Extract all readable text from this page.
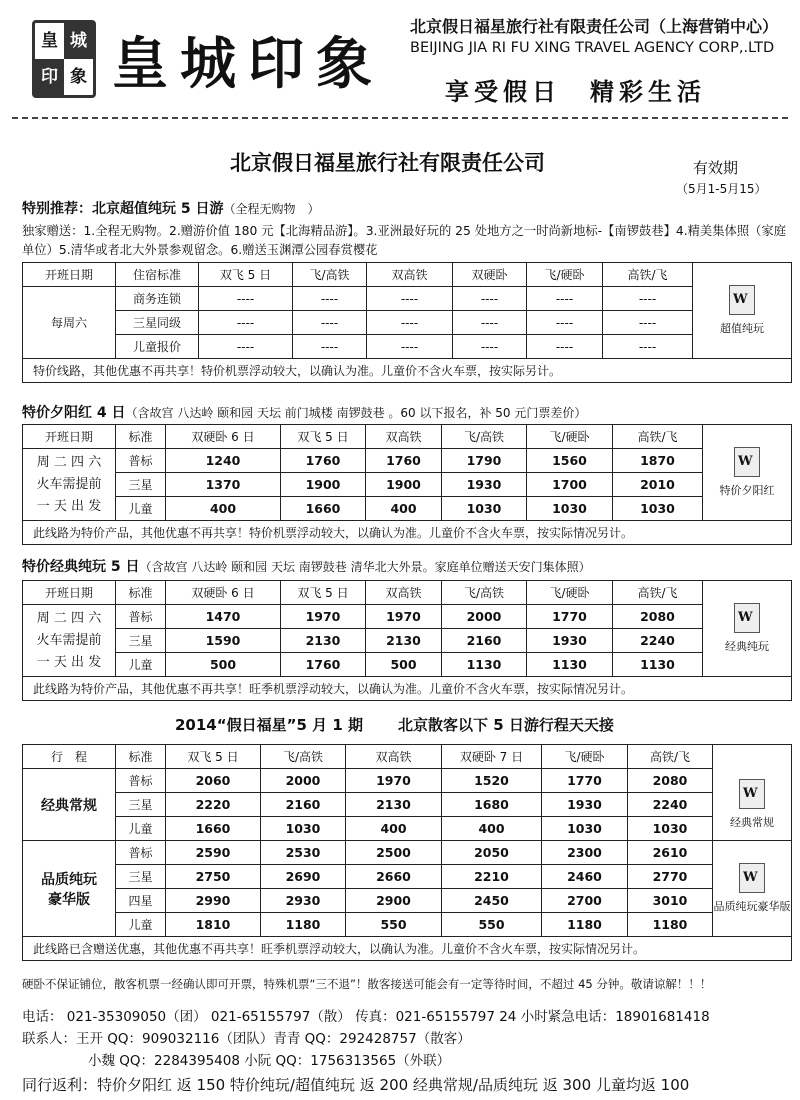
皇 城
印 象 皇城印象
北京假日福星旅行社有限责任公司（上海营销中心）
BEIJING JIA RI FU XING TRAVEL AGENCY CORP,.LTD
享受假日　精彩生活
北京假日福星旅行社有限责任公司	有效期
（5月1-5月15）
特别推荐：北京超值纯玩 5 日游（全程无购物　）
独家赠送：1.全程无购物。2.赠游价值 180 元【北海精品游】。3.亚洲最好玩的 25 处地方之一时尚新地标-【南锣鼓巷】4.精美集体照（家庭单位）5.清华或者北大外景参观留念。6.赠送玉渊潭公园春赏樱花
开班日期	住宿标准	双飞 5 日	飞/高铁	双高铁	双硬卧	飞/硬卧	高铁/飞	W
超值纯玩

每周六	商务连锁	----	----	----	----	----	----	
	三星同级	----	----	----	----	----	----	
	儿童报价	----	----	----	----	----	----	
特价线路，其他优惠不再共享！特价机票浮动较大，以确认为准。儿童价不含火车票，按实际另计。								
特价夕阳红 4 日（含故宫 八达岭 颐和园 天坛 前门城楼 南锣鼓巷 。60 以下报名，补 50 元门票差价）
开班日期	标准	双硬卧 6 日	双飞 5 日	双高铁	飞/高铁	飞/硬卧	高铁/飞	W
特价夕阳红

周 二 四 六
火车需提前
一 天 出 发	普标	1240	1760	1760	1790	1560	1870	
	三星	1370	1900	1900	1930	1700	2010	
	儿童	400	1660	400	1030	1030	1030	
此线路为特价产品，其他优惠不再共享！特价机票浮动较大，以确认为准。儿童价不含火车票，按实际情况另计。								
特价经典纯玩 5 日（含故宫 八达岭 颐和园 天坛 南锣鼓巷 清华北大外景。家庭单位赠送天安门集体照）
开班日期	标准	双硬卧 6 日	双飞 5 日	双高铁	飞/高铁	飞/硬卧	高铁/飞	W
经典纯玩

周 二 四 六
火车需提前
一 天 出 发	普标	1470	1970	1970	2000	1770	2080	
	三星	1590	2130	2130	2160	1930	2240	
	儿童	500	1760	500	1130	1130	1130	
此线路为特价产品，其他优惠不再共享！旺季机票浮动较大，以确认为准。儿童价不含火车票，按实际情况另计。								
2014“假日福星”5 月 1 期 北京散客以下 5 日游行程天天接
行　程	标准	双飞 5 日	飞/高铁	双高铁	双硬卧 7 日	飞/硬卧	高铁/飞	
经典常规	普标	2060	2000	1970	1520	1770	2080	W
经典常规

	三星	2220	2160	2130	1680	1930	2240	
	儿童	1660	1030	400	400	1030	1030	

品质纯玩
豪华版	普标	2590	2530	2500	2050	2300	2610	W
品质纯玩豪华版

	三星	2750	2690	2660	2210	2460	2770	
	四星	2990	2930	2900	2450	2700	3010	
	儿童	1810	1180	550	550	1180	1180	
此线路已含赠送优惠，其他优惠不再共享！旺季机票浮动较大，以确认为准。儿童价不含火车票，按实际情况另计。								
硬卧不保证铺位，散客机票一经确认即可开票，特殊机票“三不退”！散客接送可能会有一定等待时间，不超过 45 分钟。敬请谅解！！！
电话： 021-35309050（团） 021-65155797（散） 传真：021-65155797 24 小时紧急电话：18901681418
联系人：王开 QQ：909032116（团队）青青 QQ：292428757（散客）
小魏 QQ：2284395408 小阮 QQ：1756313565（外联）
同行返利：特价夕阳红 返 150 特价纯玩/超值纯玩 返 200 经典常规/品质纯玩 返 300 儿童均返 100
